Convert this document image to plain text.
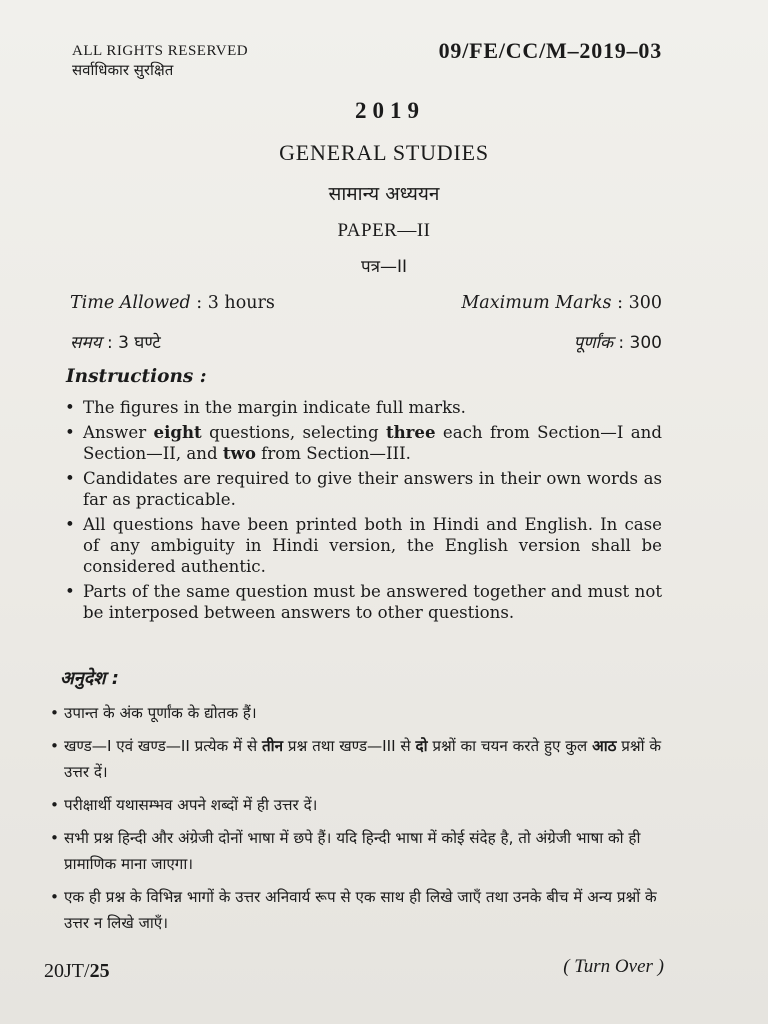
ALL RIGHTS RESERVED
सर्वाधिकार सुरक्षित
09/FE/CC/M–2019–03
2019
GENERAL STUDIES
सामान्य अध्ययन
PAPER—II
पत्र—II
Time Allowed : 3 hours	Maximum Marks : 300
समय : 3 घण्टे	पूर्णांक : 300
Instructions :
• The figures in the margin indicate full marks.
• Answer eight questions, selecting three each from Section—I and Section—II, and two from Section—III.
• Candidates are required to give their answers in their own words as far as practicable.
• All questions have been printed both in Hindi and English. In case of any ambiguity in Hindi version, the English version shall be considered authentic.
• Parts of the same question must be answered together and must not be interposed between answers to other questions.
अनुदेश :
• उपान्त के अंक पूर्णांक के द्योतक हैं।
• खण्ड—I एवं खण्ड—II प्रत्येक में से तीन प्रश्न तथा खण्ड—III से दो प्रश्नों का चयन करते हुए कुल आठ प्रश्नों के उत्तर दें।
• परीक्षार्थी यथासम्भव अपने शब्दों में ही उत्तर दें।
• सभी प्रश्न हिन्दी और अंग्रेजी दोनों भाषा में छपे हैं। यदि हिन्दी भाषा में कोई संदेह है, तो अंग्रेजी भाषा को ही प्रामाणिक माना जाएगा।
• एक ही प्रश्न के विभिन्न भागों के उत्तर अनिवार्य रूप से एक साथ ही लिखे जाएँ तथा उनके बीच में अन्य प्रश्नों के उत्तर न लिखे जाएँ।
20JT/25	( Turn Over )
